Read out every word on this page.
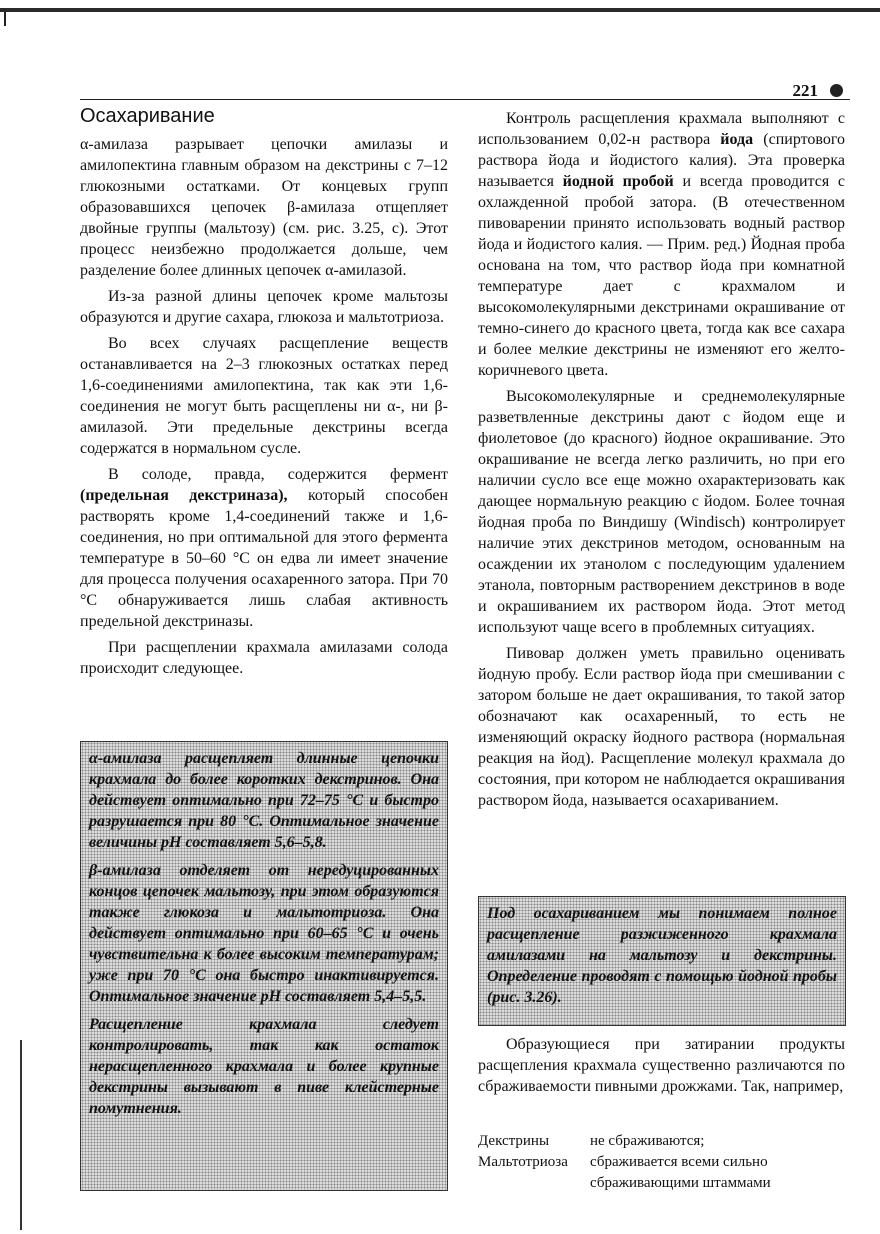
221
Осахаривание

α-амилаза разрывает цепочки амилазы и амилопектина главным образом на декстрины с 7–12 глюкозными остатками. От концевых групп образовавшихся цепочек β-амилаза отщепляет двойные группы (мальтозу) (см. рис. 3.25, с). Этот процесс неизбежно продолжается дольше, чем разделение более длинных цепочек α-амилазой.

Из-за разной длины цепочек кроме мальтозы образуются и другие сахара, глюкоза и мальтотриоза.

Во всех случаях расщепление веществ останавливается на 2–3 глюкозных остатках перед 1,6-соединениями амилопектина, так как эти 1,6-соединения не могут быть расщеплены ни α-, ни β-амилазой. Эти предельные декстрины всегда содержатся в нормальном сусле.

В солоде, правда, содержится фермент (предельная декстриназа), который способен растворять кроме 1,4-соединений также и 1,6-соединения, но при оптимальной для этого фермента температуре в 50–60 °С он едва ли имеет значение для процесса получения осахаренного затора. При 70 °С обнаруживается лишь слабая активность предельной декстриназы.

При расщеплении крахмала амилазами солода происходит следующее.

α-амилаза расщепляет длинные цепочки крахмала до более коротких декстринов. Она действует оптимально при 72–75 °С и быстро разрушается при 80 °С. Оптимальное значение величины рН составляет 5,6–5,8.

β-амилаза отделяет от нередуцированных концов цепочек мальтозу, при этом образуются также глюкоза и мальтотриоза. Она действует оптимально при 60–65 °С и очень чувствительна к более высоким температурам; уже при 70 °С она быстро инактивируется. Оптимальное значение рН составляет 5,4–5,5.

Расщепление крахмала следует контролировать, так как остаток нерасщепленного крахмала и более крупные декстрины вызывают в пиве клейстерные помутнения.

Контроль расщепления крахмала выполняют с использованием 0,02-н раствора йода (спиртового раствора йода и йодистого калия). Эта проверка называется йодной пробой и всегда проводится с охлажденной пробой затора. (В отечественном пивоварении принято использовать водный раствор йода и йодистого калия. — Прим. ред.) Йодная проба основана на том, что раствор йода при комнатной температуре дает с крахмалом и высокомолекулярными декстринами окрашивание от темно-синего до красного цвета, тогда как все сахара и более мелкие декстрины не изменяют его желто-коричневого цвета.

Высокомолекулярные и среднемолекулярные разветвленные декстрины дают с йодом еще и фиолетовое (до красного) йодное окрашивание. Это окрашивание не всегда легко различить, но при его наличии сусло все еще можно охарактеризовать как дающее нормальную реакцию с йодом. Более точная йодная проба по Виндишу (Windisch) контролирует наличие этих декстринов методом, основанным на осаждении их этанолом с последующим удалением этанола, повторным растворением декстринов в воде и окрашиванием их раствором йода. Этот метод используют чаще всего в проблемных ситуациях.

Пивовар должен уметь правильно оценивать йодную пробу. Если раствор йода при смешивании с затором больше не дает окрашивания, то такой затор обозначают как осахаренный, то есть не изменяющий окраску йодного раствора (нормальная реакция на йод). Расщепление молекул крахмала до состояния, при котором не наблюдается окрашивания раствором йода, называется осахариванием.

Под осахариванием мы понимаем полное расщепление разжиженного крахмала амилазами на мальтозу и декстрины. Определение проводят с помощью йодной пробы (рис. 3.26).

Образующиеся при затирании продукты расщепления крахмала существенно различаются по сбраживаемости пивными дрожжами. Так, например,

Декстрины	не сбраживаются;
Мальтотриоза	сбраживается всеми сильно сбраживающими штаммами
